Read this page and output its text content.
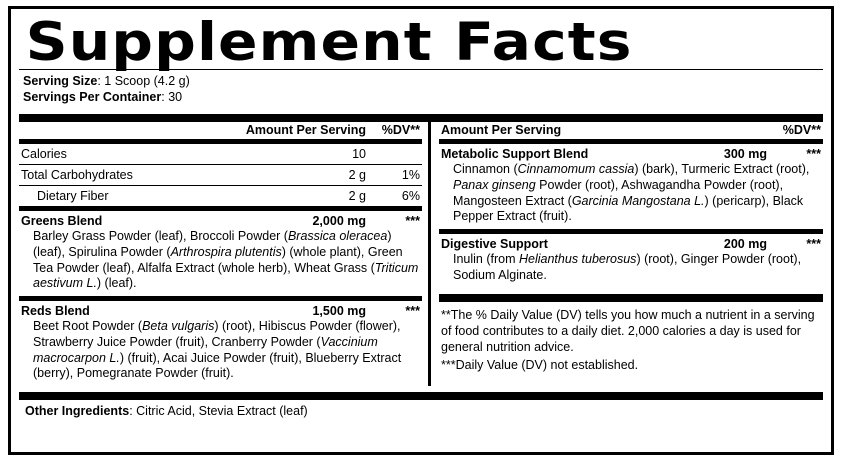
Supplement Facts
Serving Size: 1 Scoop (4.2 g)
Servings Per Container: 30
Amount Per Serving	%DV**
Calories	10
Total Carbohydrates	2 g	1%
Dietary Fiber	2 g	6%
Greens Blend	2,000 mg	***
Barley Grass Powder (leaf), Broccoli Powder (Brassica oleracea) (leaf), Spirulina Powder (Arthrospira plutentis) (whole plant), Green Tea Powder (leaf), Alfalfa Extract (whole herb), Wheat Grass (Triticum aestivum L.) (leaf).
Reds Blend	1,500 mg	***
Beet Root Powder (Beta vulgaris) (root), Hibiscus Powder (flower), Strawberry Juice Powder (fruit), Cranberry Powder (Vaccinium macrocarpon L.) (fruit), Acai Juice Powder (fruit), Blueberry Extract (berry), Pomegranate Powder (fruit).
Amount Per Serving	%DV**
Metabolic Support Blend	300 mg	***
Cinnamon (Cinnamomum cassia) (bark), Turmeric Extract (root), Panax ginseng Powder (root), Ashwagandha Powder (root), Mangosteen Extract (Garcinia Mangostana L.) (pericarp), Black Pepper Extract (fruit).
Digestive Support	200 mg	***
Inulin (from Helianthus tuberosus) (root), Ginger Powder (root), Sodium Alginate.
**The % Daily Value (DV) tells you how much a nutrient in a serving of food contributes to a daily diet. 2,000 calories a day is used for general nutrition advice.
***Daily Value (DV) not established.
Other Ingredients: Citric Acid, Stevia Extract (leaf)
